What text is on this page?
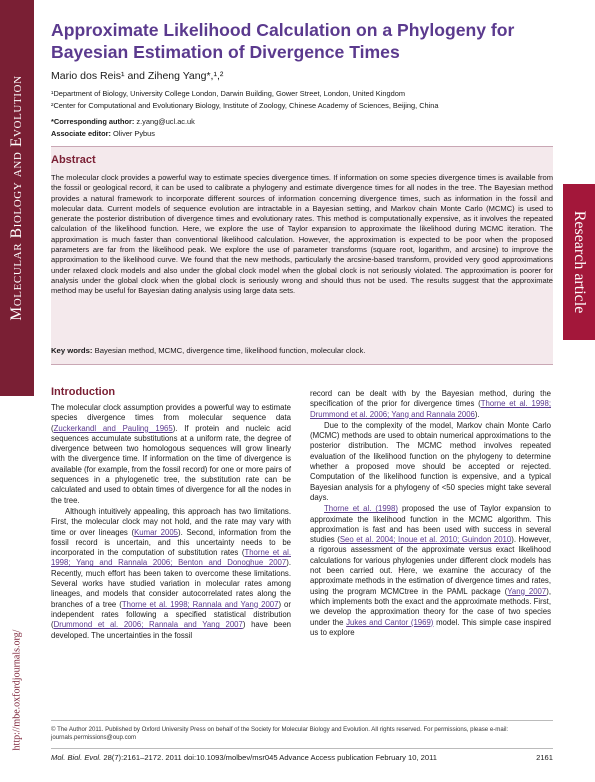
Molecular Biology and Evolution
http://mbe.oxfordjournals.org/
Research article
Approximate Likelihood Calculation on a Phylogeny for Bayesian Estimation of Divergence Times
Mario dos Reis¹ and Ziheng Yang*,¹,²
¹Department of Biology, University College London, Darwin Building, Gower Street, London, United Kingdom
²Center for Computational and Evolutionary Biology, Institute of Zoology, Chinese Academy of Sciences, Beijing, China
*Corresponding author: z.yang@ucl.ac.uk
Associate editor: Oliver Pybus
Abstract
The molecular clock provides a powerful way to estimate species divergence times. If information on some species divergence times is available from the fossil or geological record, it can be used to calibrate a phylogeny and estimate divergence times for all nodes in the tree. The Bayesian method provides a natural framework to incorporate different sources of information concerning divergence times, such as information in the fossil and molecular data. Current models of sequence evolution are intractable in a Bayesian setting, and Markov chain Monte Carlo (MCMC) is used to generate the posterior distribution of divergence times and evolutionary rates. This method is computationally expensive, as it involves the repeated calculation of the likelihood function. Here, we explore the use of Taylor expansion to approximate the likelihood during MCMC iteration. The approximation is much faster than conventional likelihood calculation. However, the approximation is expected to be poor when the proposed parameters are far from the likelihood peak. We explore the use of parameter transforms (square root, logarithm, and arcsine) to improve the approximation to the likelihood curve. We found that the new methods, particularly the arcsine-based transform, provided very good approximations under relaxed clock models and also under the global clock model when the global clock is not seriously violated. The approximation is poorer for analysis under the global clock when the global clock is seriously wrong and should thus not be used. The results suggest that the approximate method may be useful for Bayesian dating analysis using large data sets.
Key words: Bayesian method, MCMC, divergence time, likelihood function, molecular clock.
Introduction

The molecular clock assumption provides a powerful way to estimate species divergence times from molecular sequence data (Zuckerkandl and Pauling 1965). If protein and nucleic acid sequences accumulate substitutions at a uniform rate, the degree of divergence between two homologous sequences will grow linearly with the divergence time. If information on the time of divergence is available (for example, from the fossil record) for one or more pairs of sequences in a phylogenetic tree, the substitution rate can be calculated and used to obtain times of divergence for all the nodes in the tree.

Although intuitively appealing, this approach has two limitations. First, the molecular clock may not hold, and the rate may vary with time or over lineages (Kumar 2005). Second, information from the fossil record is uncertain, and this uncertainty needs to be incorporated in the computation of substitution rates (Thorne et al. 1998; Yang and Rannala 2006; Benton and Donoghue 2007). Recently, much effort has been taken to overcome these limitations. Several works have studied variation in molecular rates among lineages, and models that consider autocorrelated rates along the branches of a tree (Thorne et al. 1998; Rannala and Yang 2007) or independent rates following a specified statistical distribution (Drummond et al. 2006; Rannala and Yang 2007) have been developed. The uncertainties in the fossil

record can be dealt with by the Bayesian method, during the specification of the prior for divergence times (Thorne et al. 1998; Drummond et al. 2006; Yang and Rannala 2006).

Due to the complexity of the model, Markov chain Monte Carlo (MCMC) methods are used to obtain numerical approximations to the posterior distribution. The MCMC method involves repeated evaluation of the likelihood function on the phylogeny to determine whether a proposed move should be accepted or rejected. Computation of the likelihood function is expensive, and a typical Bayesian analysis for a phylogeny of <50 species might take several days.

Thorne et al. (1998) proposed the use of Taylor expansion to approximate the likelihood function in the MCMC algorithm. This approximation is fast and has been used with success in several studies (Seo et al. 2004; Inoue et al. 2010; Guindon 2010). However, a rigorous assessment of the approximate versus exact likelihood calculations for various phylogenies under different clock models has not been carried out. Here, we examine the accuracy of the approximate methods in the estimation of divergence times and rates, using the program MCMCtree in the PAML package (Yang 2007), which implements both the exact and the approximate methods. First, we develop the approximation theory for the case of two species under the Jukes and Cantor (1969) model. This simple case inspired us to explore

© The Author 2011. Published by Oxford University Press on behalf of the Society for Molecular Biology and Evolution. All rights reserved. For permissions, please e-mail: journals.permissions@oup.com
Mol. Biol. Evol. 28(7):2161–2172. 2011 doi:10.1093/molbev/msr045 Advance Access publication February 10, 2011	2161
